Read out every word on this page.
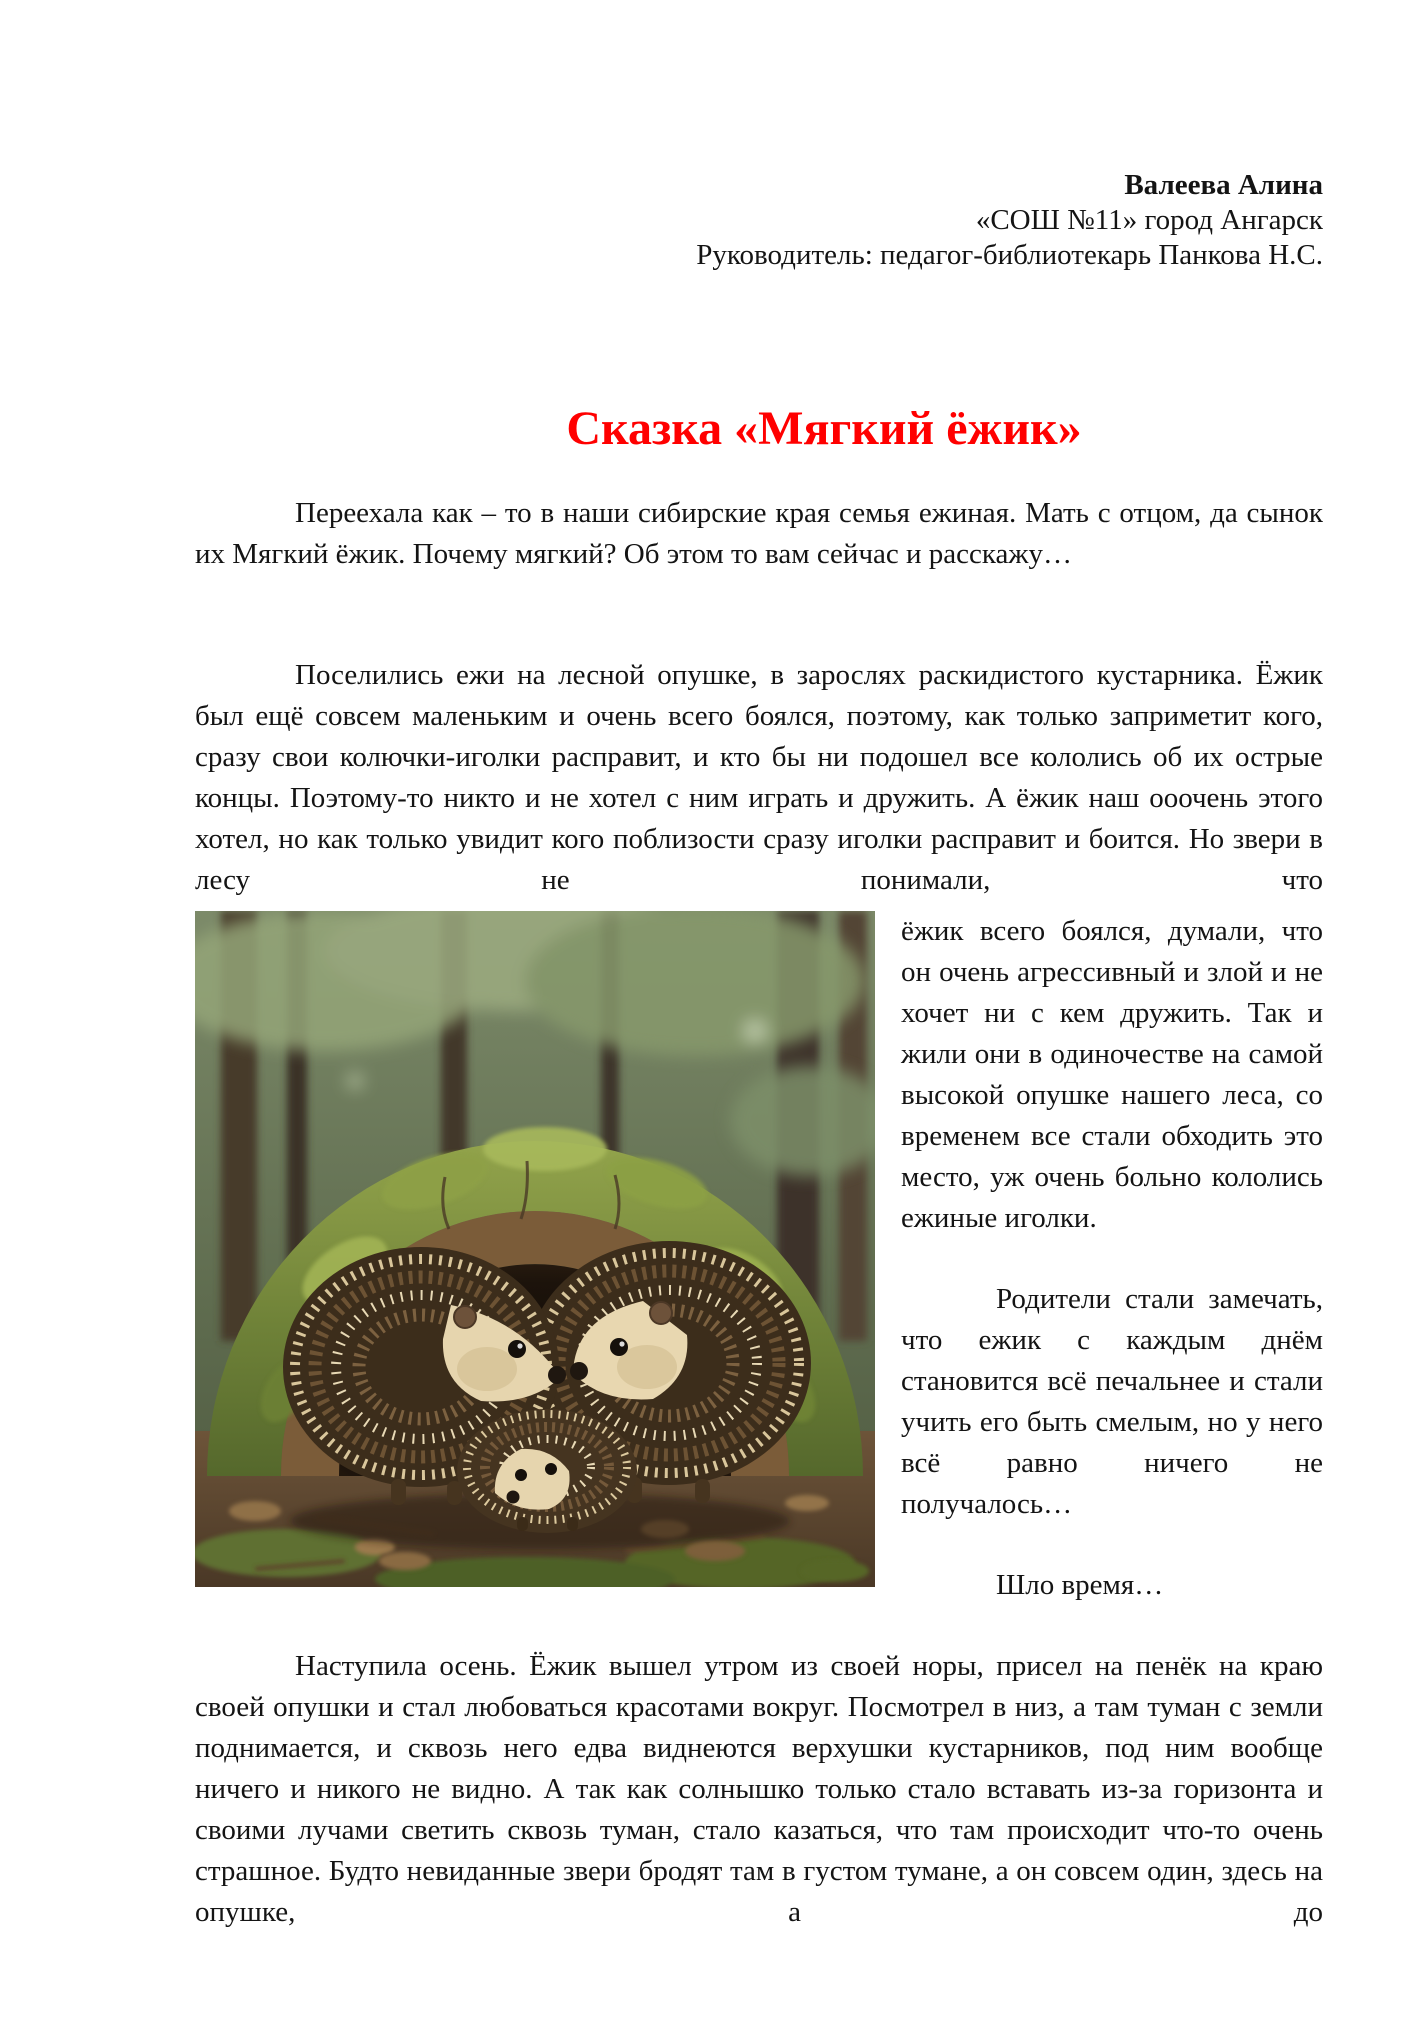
Валеева Алина
«СОШ №11» город Ангарск
Руководитель: педагог-библиотекарь Панкова Н.С.
Сказка «Мягкий ёжик»

Переехала как – то в наши сибирские края семья ежиная. Мать с отцом, да сынок их Мягкий ёжик. Почему мягкий? Об этом то вам сейчас и расскажу…

Поселились ежи на лесной опушке, в зарослях раскидистого кустарника. Ёжик был ещё совсем маленьким и очень всего боялся, поэтому, как только заприметит кого, сразу свои колючки-иголки расправит, и кто бы ни подошел все кололись об их острые концы. Поэтому-то никто и не хотел с ним играть и дружить. А ёжик наш ооочень этого хотел, но как только увидит кого поблизости сразу иголки расправит и боится. Но звери в лесу не понимали, что

ёжик всего боялся, думали, что он очень агрессивный и злой и не хочет ни с кем дружить. Так и жили они в одиночестве на самой высокой опушке нашего леса, со временем все стали обходить это место, уж очень больно кололись ежиные иголки.

Родители стали замечать, что ежик с каждым днём становится всё печальнее и стали учить его быть смелым, но у него всё равно ничего не получалось…

Шло время…

Наступила осень. Ёжик вышел утром из своей норы, присел на пенёк на краю своей опушки и стал любоваться красотами вокруг. Посмотрел в низ, а там туман с земли поднимается, и сквозь него едва виднеются верхушки кустарников, под ним вообще ничего и никого не видно. А так как солнышко только стало вставать из-за горизонта и своими лучами светить сквозь туман, стало казаться, что там происходит что-то очень страшное. Будто невиданные звери бродят там в густом тумане, а он совсем один, здесь на опушке, а до
